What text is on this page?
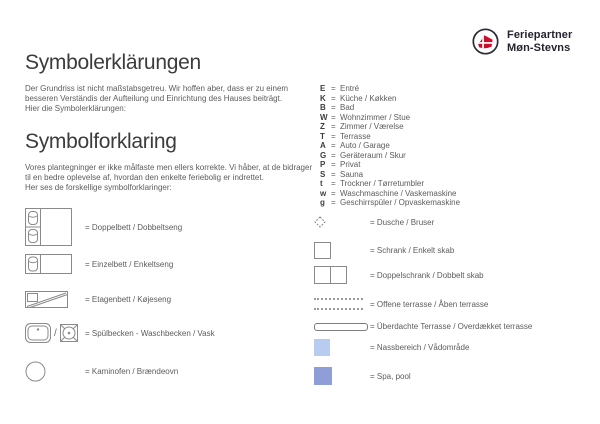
Feriepartner
Møn-Stevns
Symbolerklärungen
Der Grundriss ist nicht maßstabsgetreu. Wir hoffen aber, dass er zu einem
besseren Verständis der Aufteilung und Einrichtung des Hauses beiträgt.
Hier die Symbolerklärungen:
Symbolforklaring
Vores plantegninger er ikke målfaste men ellers korrekte. Vi håber, at de bidrager
til en bedre oplevelse af, hvordan den enkelte feriebolig er indrettet.
Her ses de forskellige symbolforklaringer:
E = Entré
K = Küche / Køkken
B = Bad
W = Wohnzimmer / Stue
Z = Zimmer / Værelse
T = Terrasse
A = Auto / Garage
G = Geräteraum / Skur
P = Privat
S = Sauna
t	= Trockner / Tørretumbler
w = Waschmaschine / Vaskemaskine
g = Geschirrspüler / Opvaskemaskine
= Doppelbett / Dobbeltseng
= Einzelbett / Enkeltseng
= Etagenbett / Køjeseng
/	= Spülbecken - Waschbecken / Vask
= Kaminofen / Brændeovn
= Dusche / Bruser
= Schrank / Enkelt skab
= Doppelschrank / Dobbelt skab
= Offene terrasse / Åben terrasse
= Überdachte Terrasse / Overdækket terrasse
= Nassbereich / Vådområde
= Spa, pool
